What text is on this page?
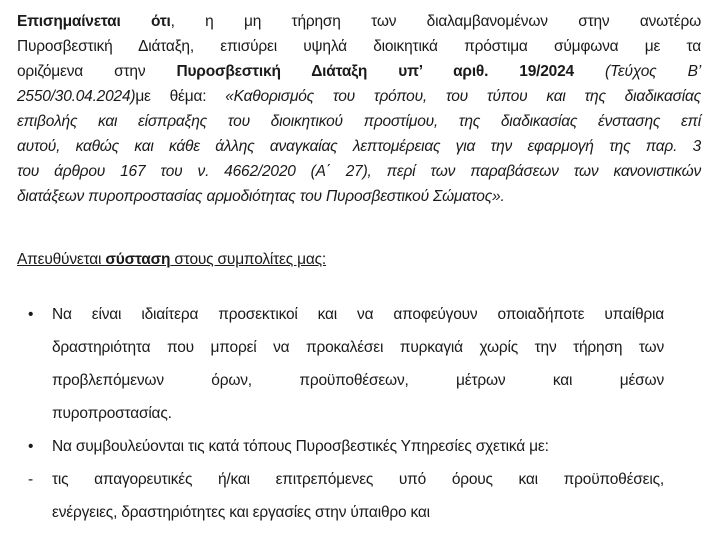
Επισημαίνεται ότι, η μη τήρηση των διαλαμβανομένων στην ανωτέρω
Πυροσβεστική Διάταξη, επισύρει υψηλά διοικητικά πρόστιμα σύμφωνα με τα
οριζόμενα στην Πυροσβεστική Διάταξη υπ’ αριθ. 19/2024 (Τεύχος Β’
2550/30.04.2024)με θέμα: «Καθορισμός του τρόπου, του τύπου και της διαδικασίας
επιβολής και είσπραξης του διοικητικού προστίμου, της διαδικασίας ένστασης επί
αυτού, καθώς και κάθε άλλης αναγκαίας λεπτομέρειας για την εφαρμογή της παρ. 3
του άρθρου 167 του ν. 4662/2020 (Α΄ 27), περί των παραβάσεων των κανονιστικών
διατάξεων πυροπροστασίας αρμοδιότητας του Πυροσβεστικού Σώματος».
Απευθύνεται σύσταση στους συμπολίτες μας:
• Να είναι ιδιαίτερα προσεκτικοί και να αποφεύγουν οποιαδήποτε υπαίθρια
δραστηριότητα που μπορεί να προκαλέσει πυρκαγιά χωρίς την τήρηση των
προβλεπόμενων όρων, προϋποθέσεων, μέτρων και μέσων
πυροπροστασίας.
• Να συμβουλεύονται τις κατά τόπους Πυροσβεστικές Υπηρεσίες σχετικά με:
- τις απαγορευτικές ή/και επιτρεπόμενες υπό όρους και προϋποθέσεις,
ενέργειες, δραστηριότητες και εργασίες στην ύπαιθρο και
